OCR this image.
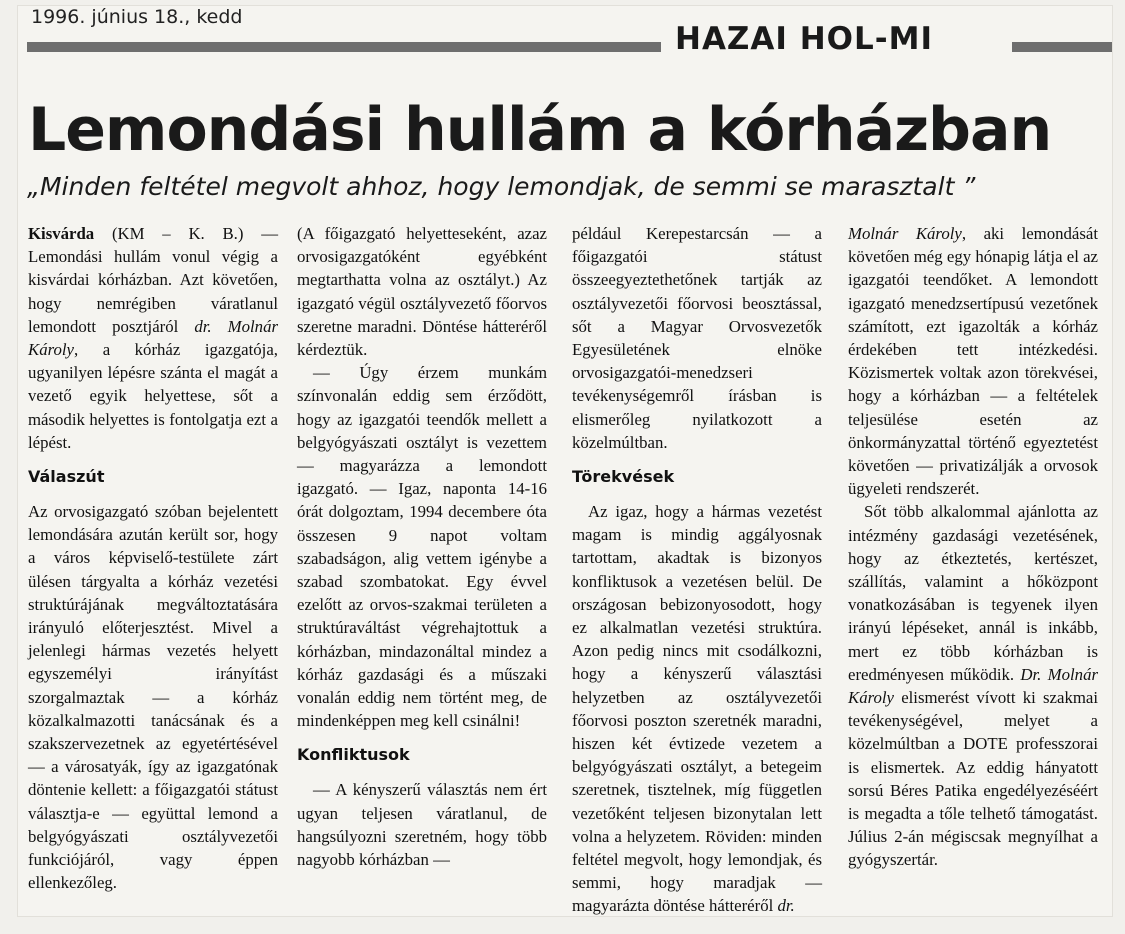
1996. június 18., kedd
HAZAI HOL-MI
Lemondási hullám a kórházban
„Minden feltétel megvolt ahhoz, hogy lemondjak, de semmi se marasztalt ”

Kisvárda (KM – K. B.) — Lemondási hullám vonul végig a kisvárdai kórházban. Azt követően, hogy nemrégiben váratlanul lemondott posztjáról dr. Molnár Károly, a kórház igazgatója, ugyanilyen lépésre szánta el magát a vezető egyik helyettese, sőt a második helyettes is fontolgatja ezt a lépést.

Válaszút

Az orvosigazgató szóban bejelentett lemondására azután került sor, hogy a város képviselő-testülete zárt ülésen tárgyalta a kórház vezetési struktúrájának megváltoztatására irányuló előterjesztést. Mivel a jelenlegi hármas vezetés helyett egyszemélyi irányítást szorgalmaztak — a kórház közalkalmazotti tanácsának és a szakszervezetnek az egyetértésével — a városatyák, így az igazgatónak döntenie kellett: a főigazgatói státust választja-e — együttal lemond a belgyógyászati osztályvezetői funkciójáról, vagy éppen ellenkezőleg.

(A főigazgató helyetteseként, azaz orvosigazgatóként egyébként megtarthatta volna az osztályt.) Az igazgató végül osztályvezető főorvos szeretne maradni. Döntése hátteréről kérdeztük.

— Úgy érzem munkám színvonalán eddig sem érződött, hogy az igazgatói teendők mellett a belgyógyászati osztályt is vezettem — magyarázza a lemondott igazgató. — Igaz, naponta 14-16 órát dolgoztam, 1994 decembere óta összesen 9 napot voltam szabadságon, alig vettem igénybe a szabad szombatokat. Egy évvel ezelőtt az orvos-szakmai területen a struktúraváltást végrehajtottuk a kórházban, mindazonáltal mindez a kórház gazdasági és a műszaki vonalán eddig nem történt meg, de mindenképpen meg kell csinálni!

Konfliktusok

— A kényszerű választás nem ért ugyan teljesen váratlanul, de hangsúlyozni szeretném, hogy több nagyobb kórházban —

például Kerepestarcsán — a főigazgatói státust összeegyeztethetőnek tartják az osztályvezetői főorvosi beosztással, sőt a Magyar Orvosvezetők Egyesületének elnöke orvosigazgatói-menedzseri tevékenységemről írásban is elismerőleg nyilatkozott a közelmúltban.

Törekvések

Az igaz, hogy a hármas vezetést magam is mindig aggályosnak tartottam, akadtak is bizonyos konfliktusok a vezetésen belül. De országosan bebizonyosodott, hogy ez alkalmatlan vezetési struktúra. Azon pedig nincs mit csodálkozni, hogy a kényszerű választási helyzetben az osztályvezetői főorvosi poszton szeretnék maradni, hiszen két évtizede vezetem a belgyógyászati osztályt, a betegeim szeretnek, tisztelnek, míg független vezetőként teljesen bizonytalan lett volna a helyzetem. Röviden: minden feltétel megvolt, hogy lemondjak, és semmi, hogy maradjak — magyarázta döntése hátteréről dr.

Molnár Károly, aki lemondását követően még egy hónapig látja el az igazgatói teendőket. A lemondott igazgató menedzsertípusú vezetőnek számított, ezt igazolták a kórház érdekében tett intézkedési. Közismertek voltak azon törekvései, hogy a kórházban — a feltételek teljesülése esetén az önkormányzattal történő egyeztetést követően — privatizálják a orvosok ügyeleti rendszerét.

Sőt több alkalommal ajánlotta az intézmény gazdasági vezetésének, hogy az étkeztetés, kertészet, szállítás, valamint a hőközpont vonatkozásában is tegyenek ilyen irányú lépéseket, annál is inkább, mert ez több kórházban is eredményesen működik. Dr. Molnár Károly elismerést vívott ki szakmai tevékenységével, melyet a közelmúltban a DOTE professzorai is elismertek. Az eddig hányatott sorsú Béres Patika engedélyezéséért is megadta a tőle telhető támogatást. Július 2-án mégiscsak megnyílhat a gyógyszertár.
